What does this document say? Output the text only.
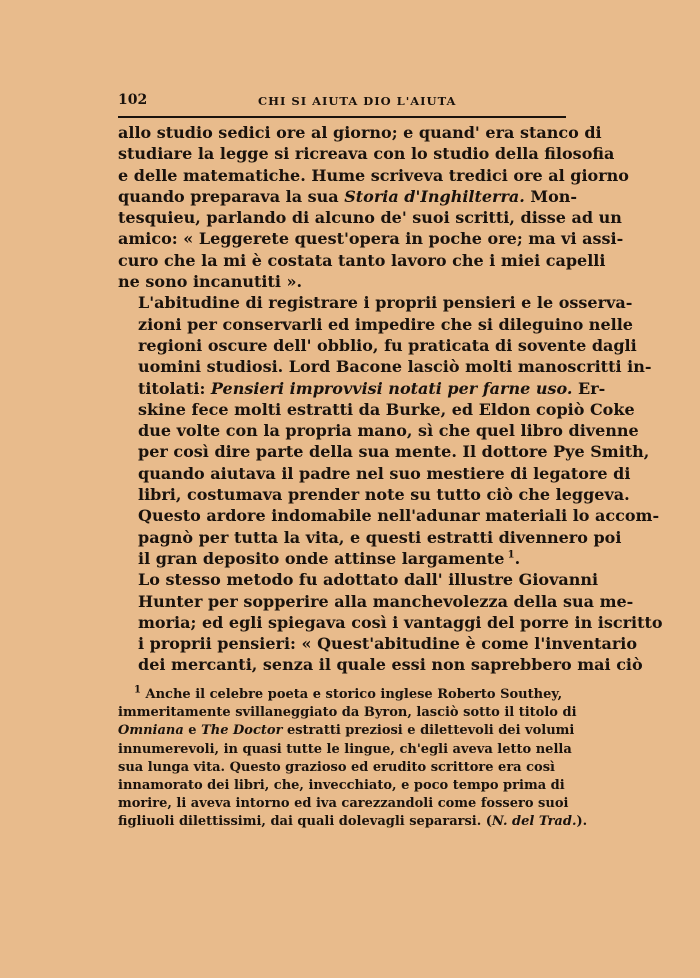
102	CHI SI AIUTA DIO L'AIUTA

allo studio sedici ore al giorno; e quand' era stanco di
studiare la legge si ricreava con lo studio della filosofia
e delle matematiche. Hume scriveva tredici ore al giorno
quando preparava la sua Storia d'Inghilterra. Mon-
tesquieu, parlando di alcuno de' suoi scritti, disse ad un
amico: « Leggerete quest'opera in poche ore; ma vi assi-
curo che la mi è costata tanto lavoro che i miei capelli
ne sono incanutiti ».

L'abitudine di registrare i proprii pensieri e le osserva-
zioni per conservarli ed impedire che si dileguino nelle
regioni oscure dell' obblio, fu praticata di sovente dagli
uomini studiosi. Lord Bacone lasciò molti manoscritti in-
titolati: Pensieri improvvisi notati per farne uso. Er-
skine fece molti estratti da Burke, ed Eldon copiò Coke
due volte con la propria mano, sì che quel libro divenne
per così dire parte della sua mente. Il dottore Pye Smith,
quando aiutava il padre nel suo mestiere di legatore di
libri, costumava prender note su tutto ciò che leggeva.
Questo ardore indomabile nell'adunar materiali lo accom-
pagnò per tutta la vita, e questi estratti divennero poi
il gran deposito onde attinse largamente  $^1$.

Lo stesso metodo fu adottato dall' illustre Giovanni
Hunter per sopperire alla manchevolezza della sua me-
moria; ed egli spiegava così i vantaggi del porre in iscritto
i proprii pensieri: « Quest'abitudine è come l'inventario
dei mercanti, senza il quale essi non saprebbero mai ciò

$^1$ Anche il celebre poeta e storico inglese Roberto Southey,
immeritamente svillaneggiato da Byron, lasciò sotto il titolo di
Omniana e The Doctor estratti preziosi e dilettevoli dei volumi
innumerevoli, in quasi tutte le lingue, ch'egli aveva letto nella
sua lunga vita. Questo grazioso ed erudito scrittore era così
innamorato dei libri, che, invecchiato, e poco tempo prima di
morire, li aveva intorno ed iva carezzandoli come fossero suoi
figliuoli dilettissimi, dai quali dolevagli separarsi. (N. del Trad.).
